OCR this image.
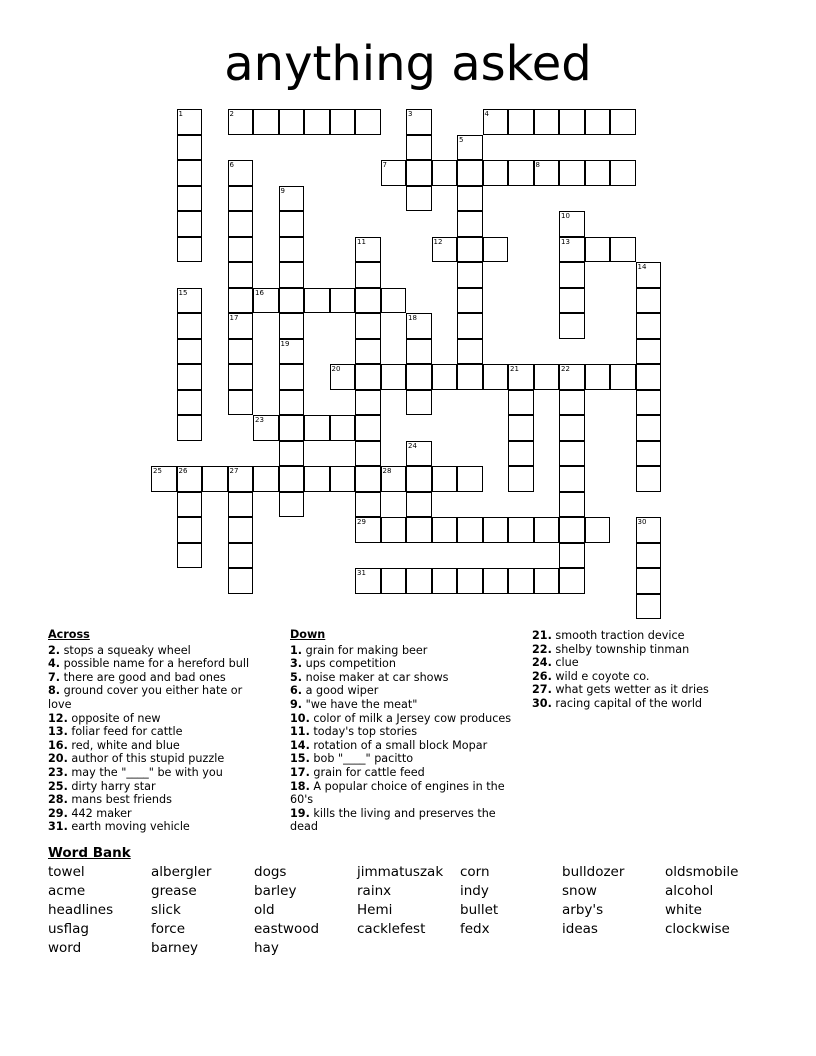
anything asked
1	2	3	4
5
6
17
7	8
9
10
13
11	12
14
15	16
18
19
20	21	22
23
24
25 26	27	28
29	30
31
Across
2. stops a squeaky wheel
4. possible name for a hereford bull
7. there are good and bad ones
8. ground cover you either hate or love
12. opposite of new
13. foliar feed for cattle
16. red, white and blue
20. author of this stupid puzzle
23. may the "____" be with you
25. dirty harry star
28. mans best friends
29. 442 maker
31. earth moving vehicle
Down
1. grain for making beer
3. ups competition
5. noise maker at car shows
6. a good wiper
9. "we have the meat"
10. color of milk a Jersey cow produces
11. today's top stories
14. rotation of a small block Mopar
15. bob "____" pacitto
17. grain for cattle feed
18. A popular choice of engines in the 60's
19. kills the living and preserves the dead
21. smooth traction device
22. shelby township tinman
24. clue
26. wild e coyote co.
27. what gets wetter as it dries
30. racing capital of the world
Word Bank
towel
acme
headlines
usflag
word
albergler
grease
slick
force
barney
dogs
barley
old
eastwood
hay
jimmatuszak
rainx
Hemi
cacklefest
corn
indy
bullet
fedx
bulldozer
snow
arby's
ideas
oldsmobile
alcohol
white
clockwise
